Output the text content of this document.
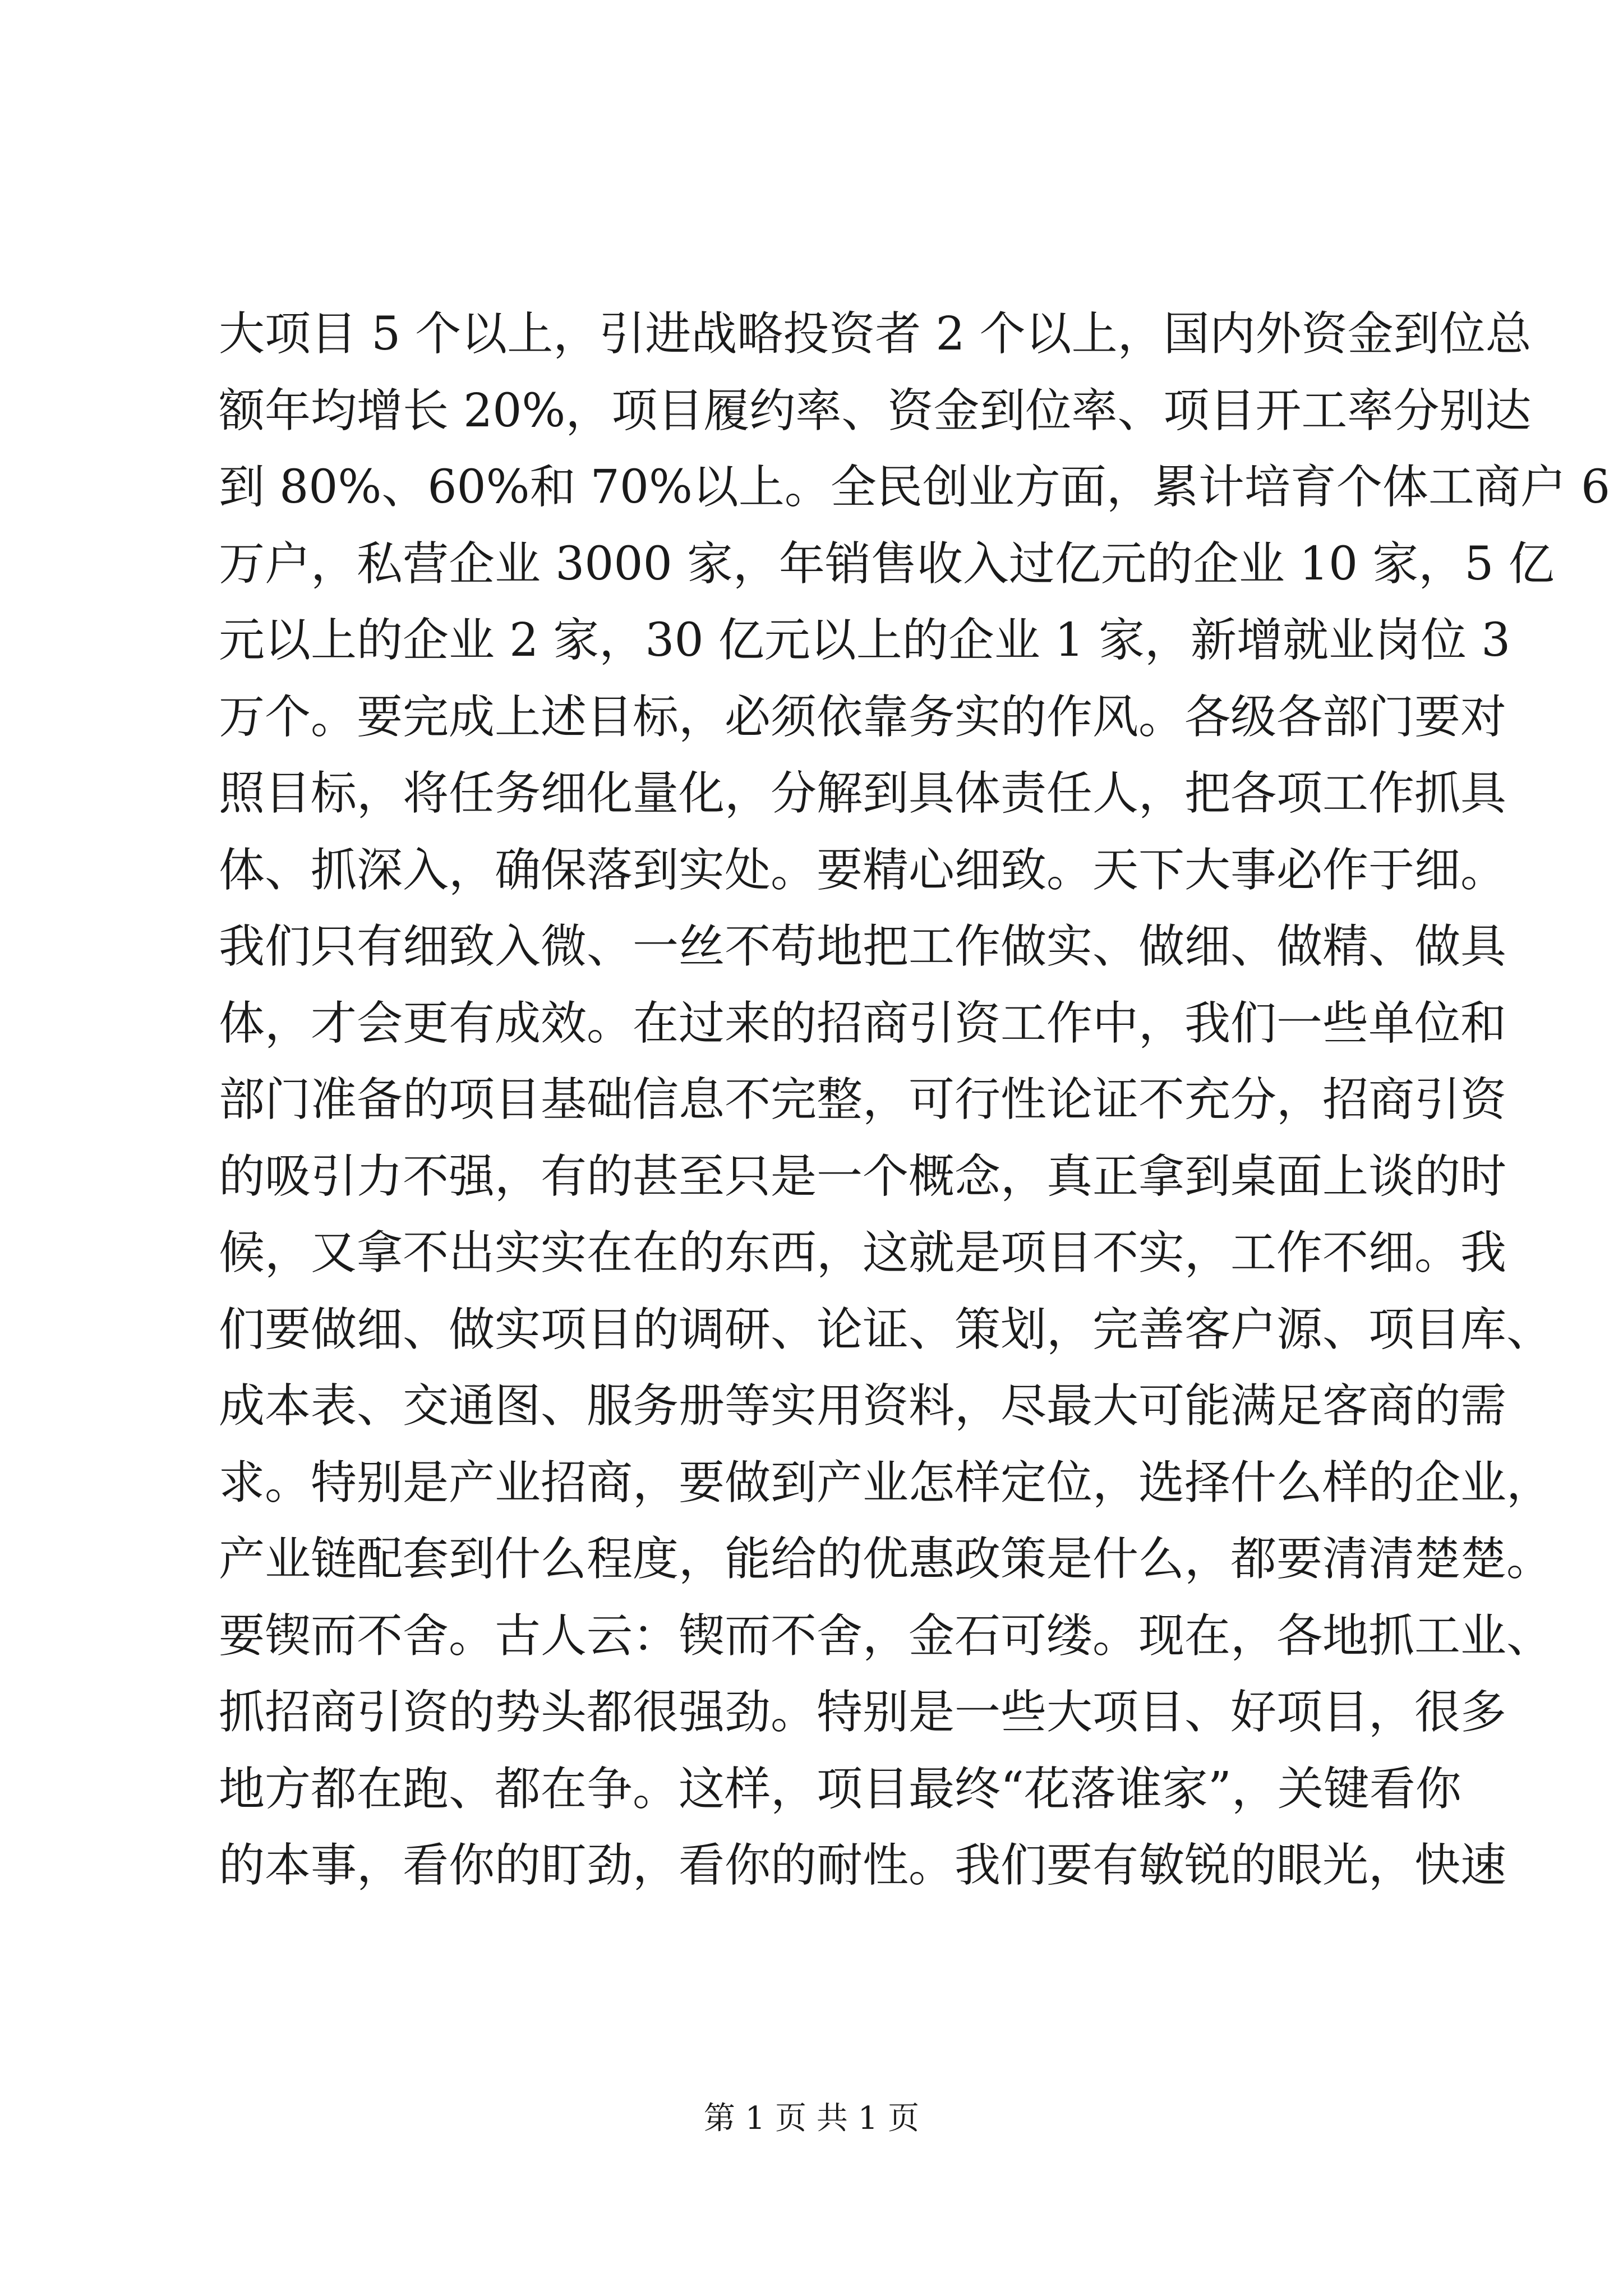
大项目 5 个以上，引进战略投资者 2 个以上，国内外资金到位总
额年均增长 20%，项目履约率、资金到位率、项目开工率分别达
到 80%、60%和 70%以上。全民创业方面，累计培育个体工商户 6
万户，私营企业 3000 家，年销售收入过亿元的企业 10 家，5 亿
元以上的企业 2 家，30 亿元以上的企业 1 家，新增就业岗位 3
万个。要完成上述目标，必须依靠务实的作风。各级各部门要对
照目标，将任务细化量化，分解到具体责任人，把各项工作抓具
体、抓深入，确保落到实处。要精心细致。天下大事必作于细。
我们只有细致入微、一丝不苟地把工作做实、做细、做精、做具
体，才会更有成效。在过来的招商引资工作中，我们一些单位和
部门准备的项目基础信息不完整，可行性论证不充分，招商引资
的吸引力不强，有的甚至只是一个概念，真正拿到桌面上谈的时
候，又拿不出实实在在的东西，这就是项目不实，工作不细。我
们要做细、做实项目的调研、论证、策划，完善客户源、项目库、
成本表、交通图、服务册等实用资料，尽最大可能满足客商的需
求。特别是产业招商，要做到产业怎样定位，选择什么样的企业，
产业链配套到什么程度，能给的优惠政策是什么，都要清清楚楚。
要锲而不舍。古人云：锲而不舍，金石可缕。现在，各地抓工业、
抓招商引资的势头都很强劲。特别是一些大项目、好项目，很多
地方都在跑、都在争。这样，项目最终“花落谁家”，关键看你
的本事，看你的盯劲，看你的耐性。我们要有敏锐的眼光，快速
第 1 页 共 1 页
